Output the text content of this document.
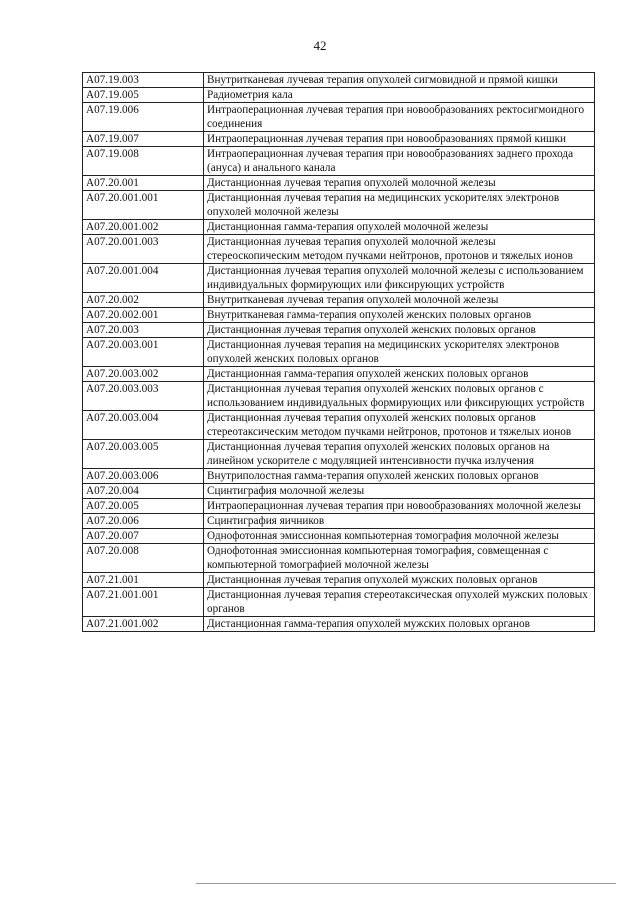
42
A07.19.003	Внутритканевая лучевая терапия опухолей сигмовидной и прямой кишки
A07.19.005	Радиометрия кала
A07.19.006	Интраоперационная лучевая терапия при новообразованиях ректосигмоидного соединения
A07.19.007	Интраоперационная лучевая терапия при новообразованиях прямой кишки
A07.19.008	Интраоперационная лучевая терапия при новообразованиях заднего прохода (ануса) и анального канала
A07.20.001	Дистанционная лучевая терапия опухолей молочной железы
A07.20.001.001	Дистанционная лучевая терапия на медицинских ускорителях электронов опухолей молочной железы
A07.20.001.002	Дистанционная гамма-терапия опухолей молочной железы
A07.20.001.003	Дистанционная лучевая терапия опухолей молочной железы стереоскопическим методом пучками нейтронов, протонов и тяжелых ионов
A07.20.001.004	Дистанционная лучевая терапия опухолей молочной железы с использованием индивидуальных формирующих или фиксирующих устройств
A07.20.002	Внутритканевая лучевая терапия опухолей молочной железы
A07.20.002.001	Внутритканевая гамма-терапия опухолей женских половых органов
A07.20.003	Дистанционная лучевая терапия опухолей женских половых органов
A07.20.003.001	Дистанционная лучевая терапия на медицинских ускорителях электронов опухолей женских половых органов
A07.20.003.002	Дистанционная гамма-терапия опухолей женских половых органов
A07.20.003.003	Дистанционная лучевая терапия опухолей женских половых органов с использованием индивидуальных формирующих или фиксирующих устройств
A07.20.003.004	Дистанционная лучевая терапия опухолей женских половых органов стереотаксическим методом пучками нейтронов, протонов и тяжелых ионов
A07.20.003.005	Дистанционная лучевая терапия опухолей женских половых органов на линейном ускорителе с модуляцией интенсивности пучка излучения
A07.20.003.006	Внутриполостная гамма-терапия опухолей женских половых органов
A07.20.004	Сцинтиграфия молочной железы
A07.20.005	Интраоперационная лучевая терапия при новообразованиях молочной железы
A07.20.006	Сцинтиграфия яичников
A07.20.007	Однофотонная эмиссионная компьютерная томография молочной железы
A07.20.008	Однофотонная эмиссионная компьютерная томография, совмещенная с компьютерной томографией молочной железы
A07.21.001	Дистанционная лучевая терапия опухолей мужских половых органов
A07.21.001.001	Дистанционная лучевая терапия стереотаксическая опухолей мужских половых органов
A07.21.001.002	Дистанционная гамма-терапия опухолей мужских половых органов
